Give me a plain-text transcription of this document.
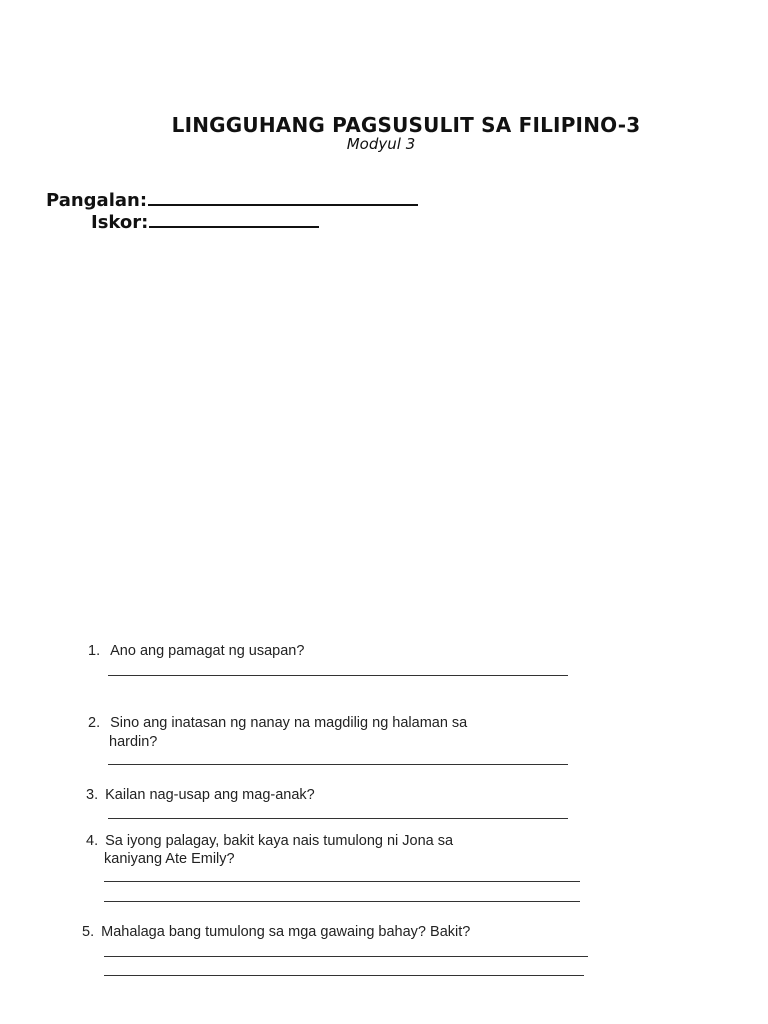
LINGGUHANG PAGSUSULIT SA FILIPINO-3
Modyul 3
Pangalan:
Iskor:
1. Ano ang pamagat ng usapan?
2. Sino ang inatasan ng nanay na magdilig ng halaman sa
hardin?
3. Kailan nag-usap ang mag-anak?
4. Sa iyong palagay, bakit kaya nais tumulong ni Jona sa
kaniyang Ate Emily?
5. Mahalaga bang tumulong sa mga gawaing bahay? Bakit?
